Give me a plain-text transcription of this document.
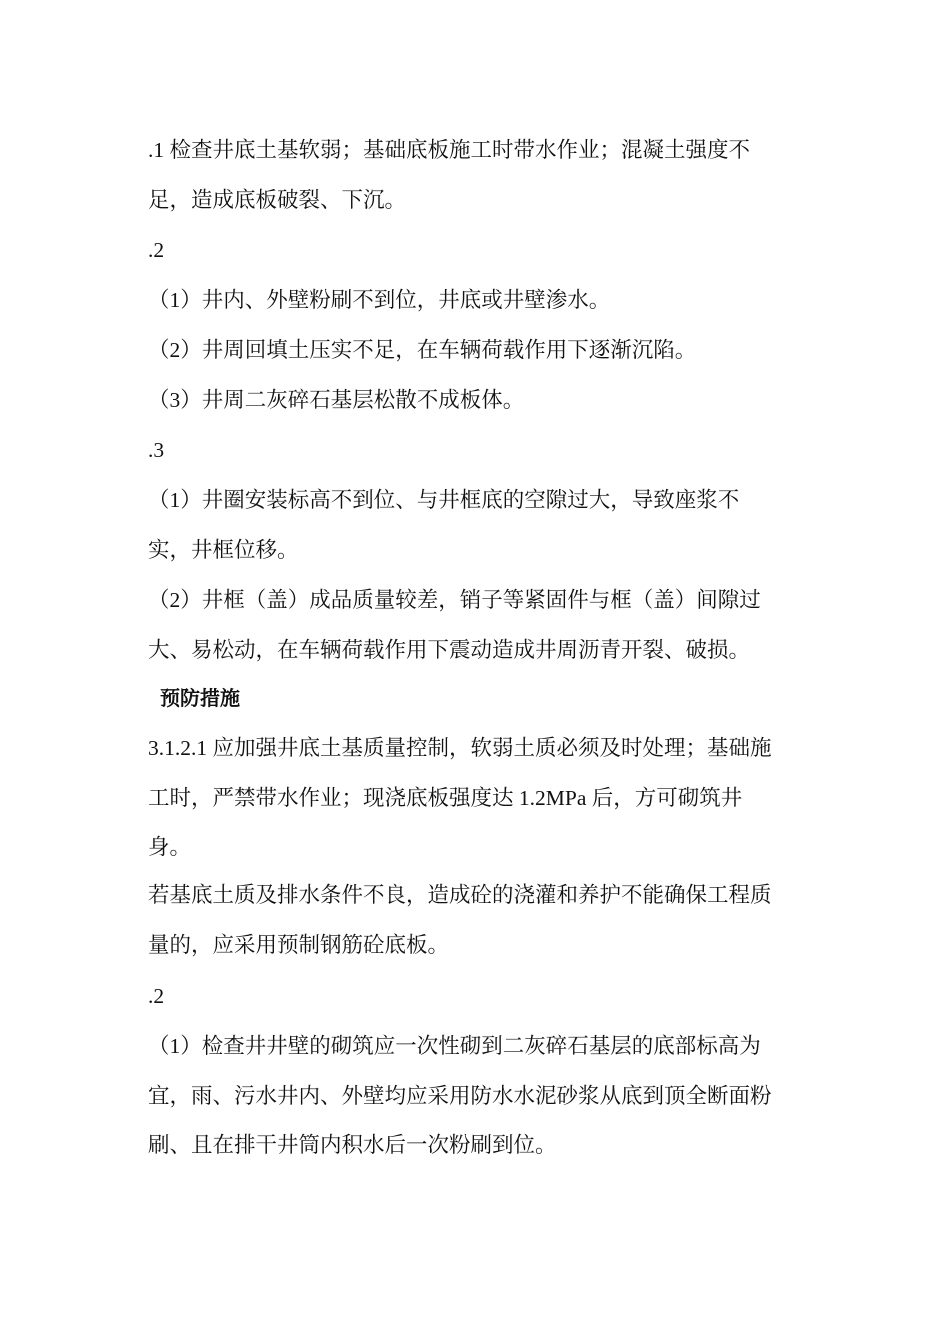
.1 检查井底土基软弱；基础底板施工时带水作业；混凝土强度不
足，造成底板破裂、下沉。
.2
（1）井内、外壁粉刷不到位，井底或井壁渗水。
（2）井周回填土压实不足，在车辆荷载作用下逐渐沉陷。
（3）井周二灰碎石基层松散不成板体。
.3
（1）井圈安装标高不到位、与井框底的空隙过大，导致座浆不
实，井框位移。
（2）井框（盖）成品质量较差，销子等紧固件与框（盖）间隙过
大、易松动，在车辆荷载作用下震动造成井周沥青开裂、破损。
预防措施
3.1.2.1 应加强井底土基质量控制，软弱土质必须及时处理；基础施
工时，严禁带水作业；现浇底板强度达 1.2MPa 后，方可砌筑井
身。
若基底土质及排水条件不良，造成砼的浇灌和养护不能确保工程质
量的，应采用预制钢筋砼底板。
.2
（1）检查井井壁的砌筑应一次性砌到二灰碎石基层的底部标高为
宜，雨、污水井内、外壁均应采用防水水泥砂浆从底到顶全断面粉
刷、且在排干井筒内积水后一次粉刷到位。
